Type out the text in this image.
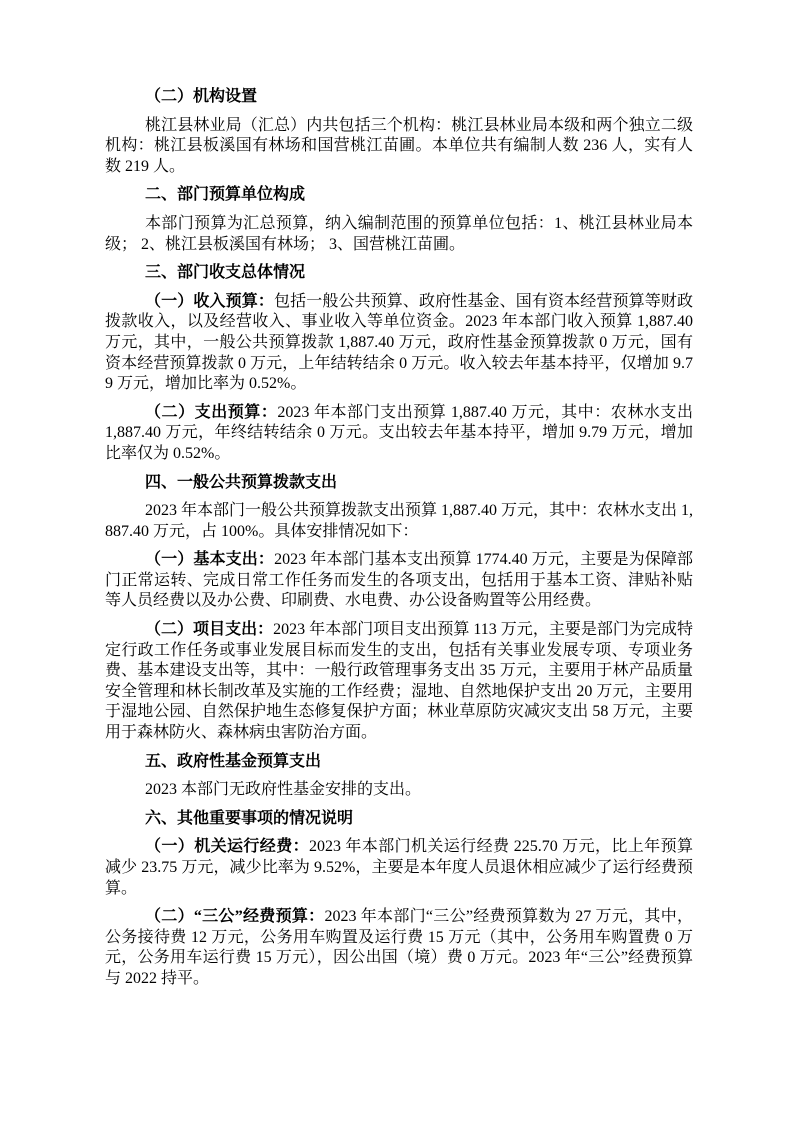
（二）机构设置

桃江县林业局（汇总）内共包括三个机构：桃江县林业局本级和两个独立二级机构：桃江县板溪国有林场和国营桃江苗圃。本单位共有编制人数 236 人，实有人数 219 人。

二、部门预算单位构成

本部门预算为汇总预算，纳入编制范围的预算单位包括：1、桃江县林业局本级； 2、桃江县板溪国有林场； 3、国营桃江苗圃。

三、部门收支总体情况

（一）收入预算：包括一般公共预算、政府性基金、国有资本经营预算等财政拨款收入，以及经营收入、事业收入等单位资金。2023 年本部门收入预算 1,887.40 万元，其中，一般公共预算拨款 1,887.40 万元，政府性基金预算拨款 0 万元，国有资本经营预算拨款 0 万元，上年结转结余 0 万元。收入较去年基本持平，仅增加 9.79 万元，增加比率为 0.52%。

（二）支出预算：2023 年本部门支出预算 1,887.40 万元，其中：农林水支出 1,887.40 万元，年终结转结余 0 万元。支出较去年基本持平，增加 9.79 万元，增加比率仅为 0.52%。

四、一般公共预算拨款支出

2023 年本部门一般公共预算拨款支出预算 1,887.40 万元，其中：农林水支出 1,887.40 万元，占 100%。具体安排情况如下：

（一）基本支出：2023 年本部门基本支出预算 1774.40 万元，主要是为保障部门正常运转、完成日常工作任务而发生的各项支出，包括用于基本工资、津贴补贴等人员经费以及办公费、印刷费、水电费、办公设备购置等公用经费。

（二）项目支出：2023 年本部门项目支出预算 113 万元，主要是部门为完成特定行政工作任务或事业发展目标而发生的支出，包括有关事业发展专项、专项业务费、基本建设支出等，其中：一般行政管理事务支出 35 万元，主要用于林产品质量安全管理和林长制改革及实施的工作经费；湿地、自然地保护支出 20 万元，主要用于湿地公园、自然保护地生态修复保护方面；林业草原防灾减灾支出 58 万元，主要用于森林防火、森林病虫害防治方面。

五、政府性基金预算支出

2023 本部门无政府性基金安排的支出。

六、其他重要事项的情况说明

（一）机关运行经费：2023 年本部门机关运行经费 225.70 万元，比上年预算减少 23.75 万元，减少比率为 9.52%，主要是本年度人员退休相应减少了运行经费预算。

（二）“三公”经费预算：2023 年本部门“三公”经费预算数为 27 万元，其中，公务接待费 12 万元，公务用车购置及运行费 15 万元（其中，公务用车购置费 0 万元，公务用车运行费 15 万元），因公出国（境）费 0 万元。2023 年“三公”经费预算与 2022 持平。
